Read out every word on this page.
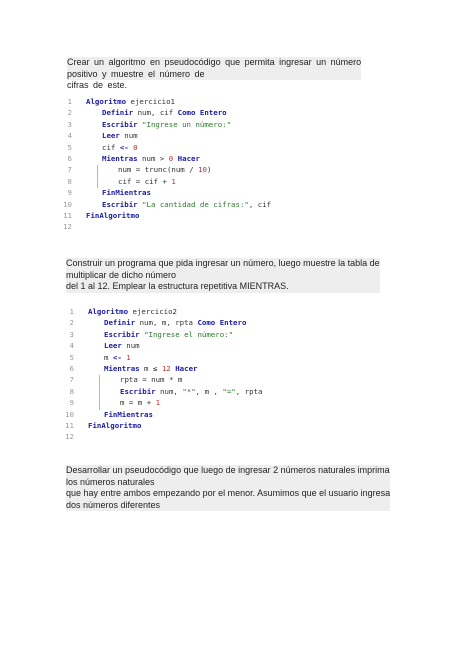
Crear un algoritmo en pseudocódigo que permita ingresar un número
positivo y muestre el número de
cifras de este.
1 Algoritmo ejercicio1
2	Definir num, cif Como Entero
3	Escribir "Ingrese un número:"
4	Leer num
5	cif <- 0
6	Mientras num > 0 Hacer
7	num = trunc(num / 10)
8	cif = cif + 1
9	FinMientras
10	Escribir "La cantidad de cifras:", cif
11 FinAlgoritmo
12
Construir un programa que pida ingresar un número, luego muestre la tabla de
multiplicar de dicho número
del 1 al 12. Emplear la estructura repetitiva MIENTRAS.
1 Algoritmo ejercicio2
2	Definir num, m, rpta Como Entero
3	Escribir "Ingrese el número:"
4	Leer num
5	m <- 1
6	Mientras m ≤ 12 Hacer
7	rpta = num * m
8	Escribir num, "*", m , "=", rpta
9	m = m + 1
10	FinMientras
11 FinAlgoritmo
12
Desarrollar un pseudocódigo que luego de ingresar 2 números naturales imprima
los números naturales
que hay entre ambos empezando por el menor. Asumimos que el usuario ingresa
dos números diferentes
